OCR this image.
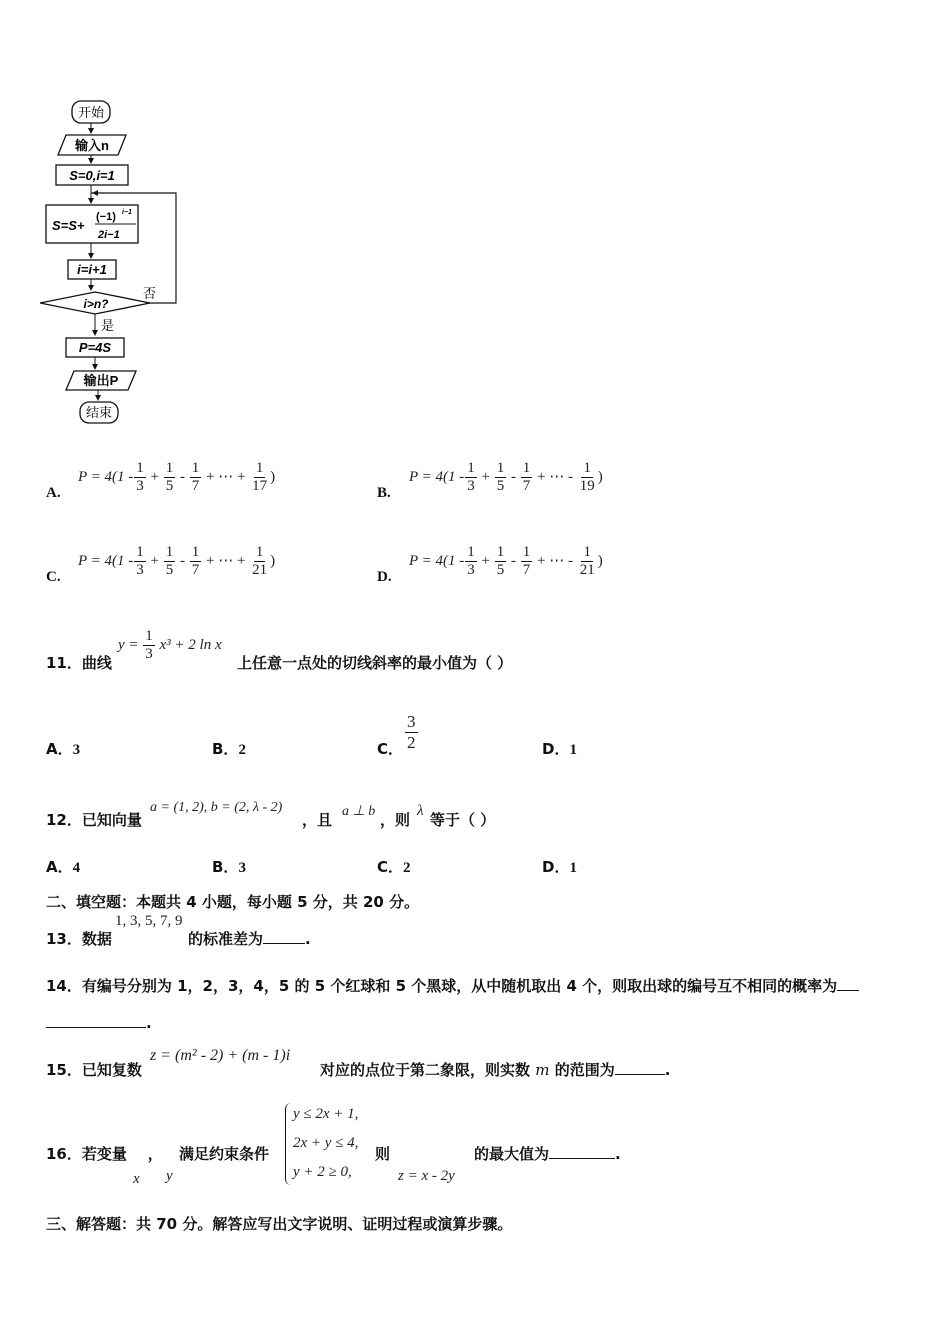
开始
输入n
S=0,i=1
S=S+
(−1) i−1
2i−1
i=i+1
i>n?
否
是
P=4S
输出P
结束
A.
$P = 4(1 - \frac{1}{3} + \frac{1}{5} - \frac{1}{7}$ + ⋯ + $\frac{1}{17}$ )
B.
$P = 4(1 - \frac{1}{3} + \frac{1}{5} - \frac{1}{7}$ + ⋯ - $\frac{1}{19}$ )
C.
$P = 4(1 - \frac{1}{3} + \frac{1}{5} - \frac{1}{7}$ + ⋯ + $\frac{1}{21}$ )
D.
$P = 4(1 - \frac{1}{3} + \frac{1}{5} - \frac{1}{7}$ + ⋯ - $\frac{1}{21}$ )
11．曲线
$y = \frac{1}{3} x^3 + 2$ ln x
上任意一点处的切线斜率的最小值为（ ）
A．3	B．2	C． $\frac{3}{2}$	D．1
12．已知向量
a = (1, 2), b = (2, λ - 2)
，且 a ⊥ b ，则 λ 等于（ ）
A．4	B．3	C．2	D．1
二、填空题：本题共 4 小题，每小题 5 分，共 20 分。
13．数据
1, 3, 5, 7, 9
的标准差为	.
14．有编号分别为 1，2，3，4，5 的 5 个红球和 5 个黑球，从中随机取出 4 个，则取出球的编号互不相同的概率为
.
15．已知复数
z = (m² - 2) + (m - 1)i
对应的点位于第二象限，则实数 m 的范围为	.
16．若变量 ，
x y
满足约束条件
y ≤ 2x + 1,
2x + y ≤ 4,
y + 2 ≥ 0,
则
z = x - 2y
的最大值为	.
三、解答题：共 70 分。解答应写出文字说明、证明过程或演算步骤。
